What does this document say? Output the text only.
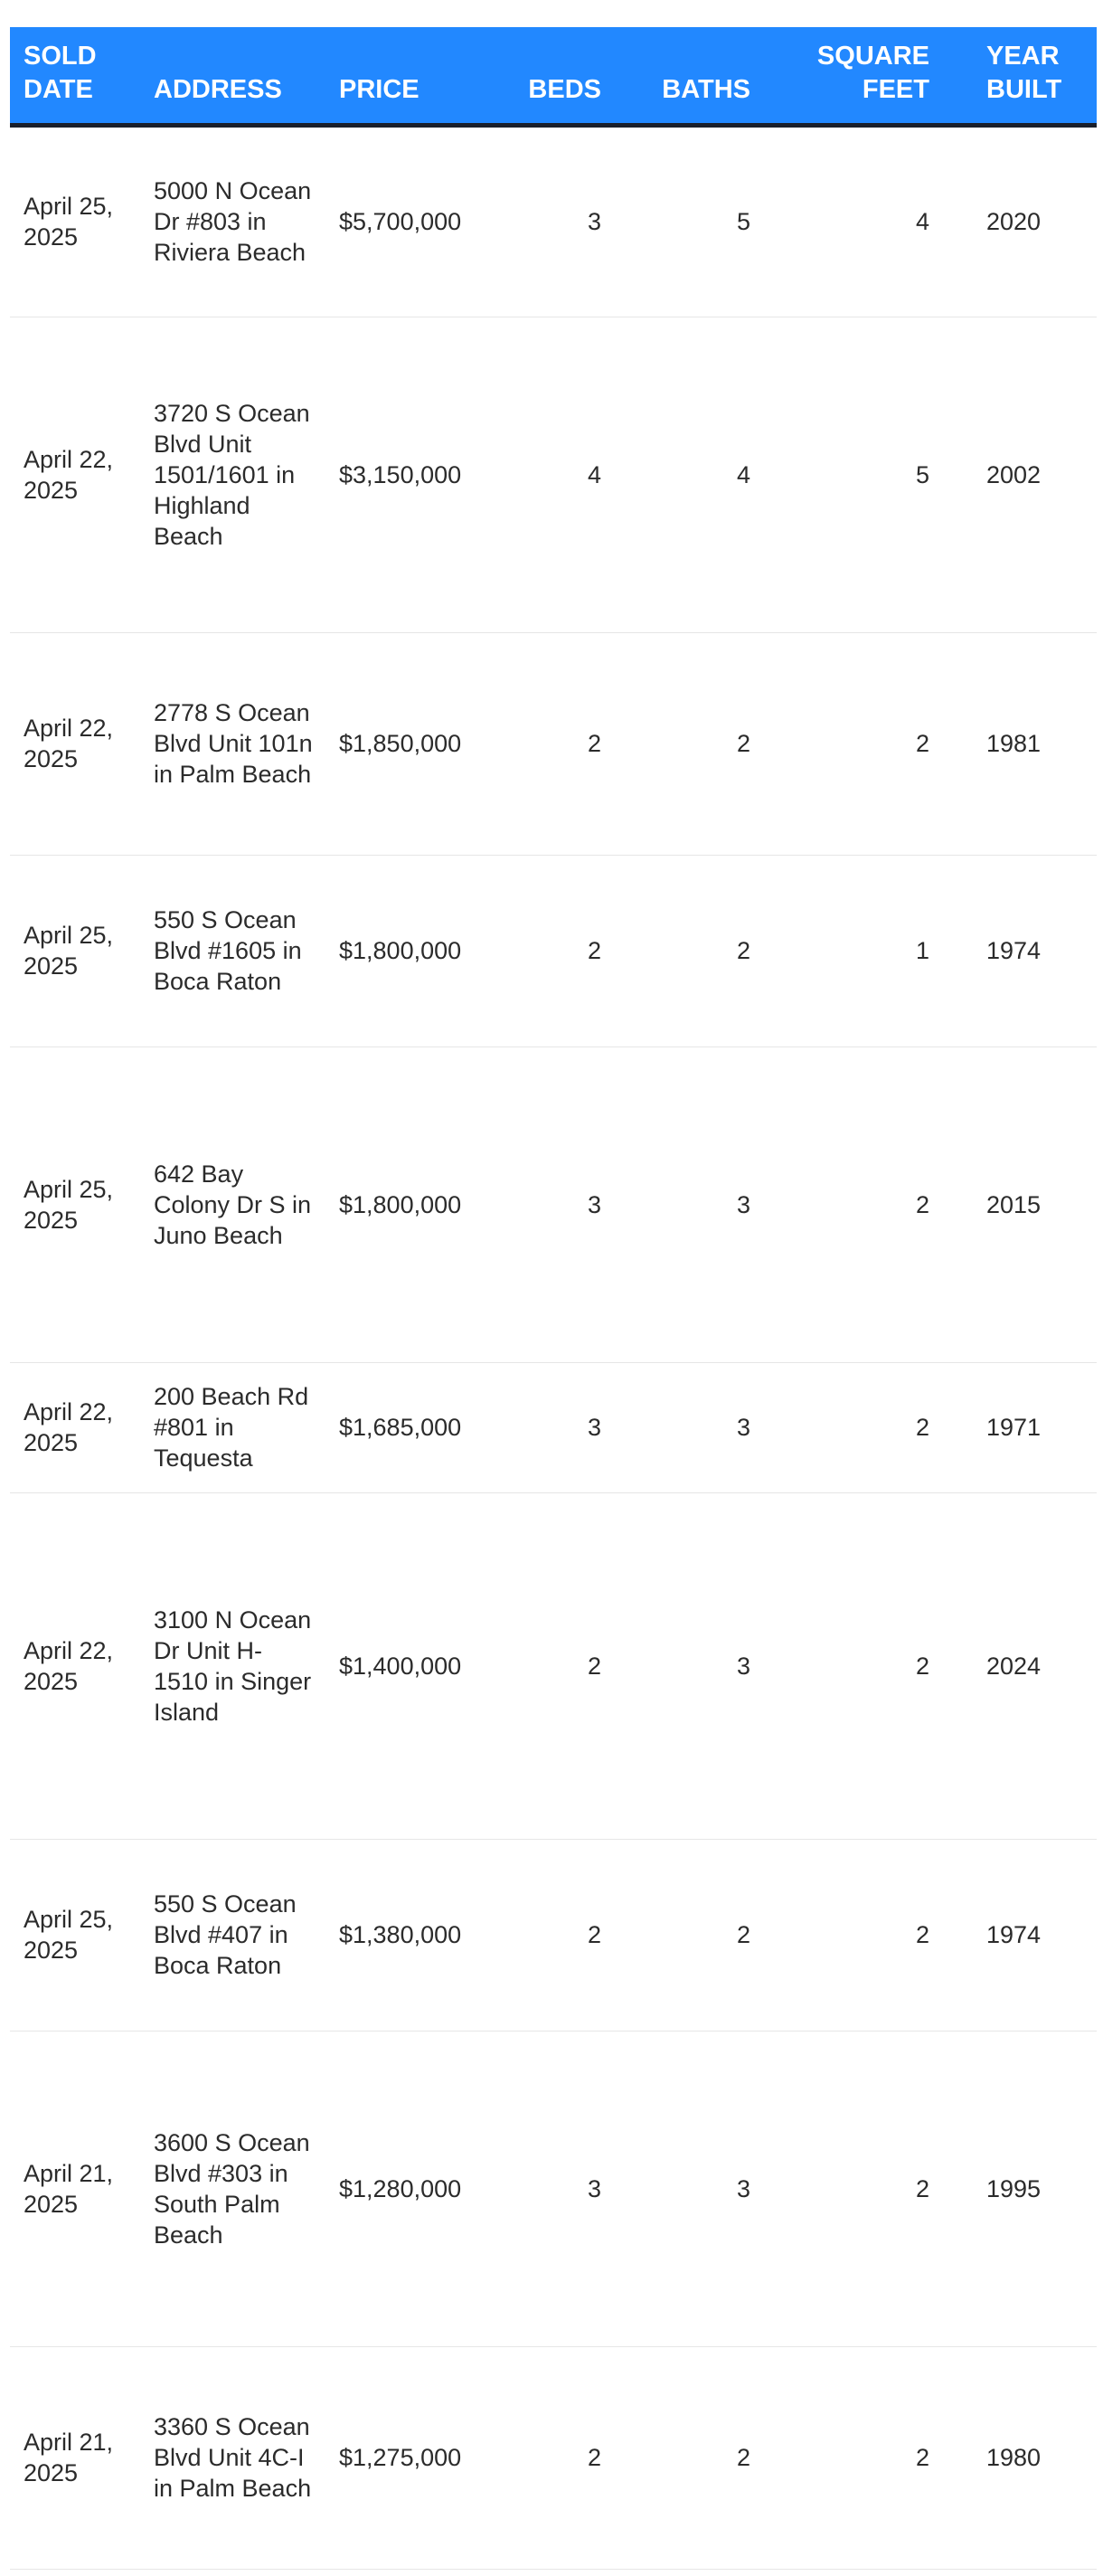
SOLD DATE	ADDRESS	PRICE	BEDS	BATHS	SQUARE FEET	YEAR BUILT
April 25, 2025	5000 N Ocean Dr #803 in Riviera Beach	$5,700,000	3	5	4	2020
April 22, 2025	3720 S Ocean Blvd Unit 1501/1601 in Highland Beach	$3,150,000	4	4	5	2002
April 22, 2025	2778 S Ocean Blvd Unit 101n in Palm Beach	$1,850,000	2	2	2	1981
April 25, 2025	550 S Ocean Blvd #1605 in Boca Raton	$1,800,000	2	2	1	1974
April 25, 2025	642 Bay Colony Dr S in Juno Beach	$1,800,000	3	3	2	2015
April 22, 2025	200 Beach Rd #801 in Tequesta	$1,685,000	3	3	2	1971
April 22, 2025	3100 N Ocean Dr Unit H-1510 in Singer Island	$1,400,000	2	3	2	2024
April 25, 2025	550 S Ocean Blvd #407 in Boca Raton	$1,380,000	2	2	2	1974
April 21, 2025	3600 S Ocean Blvd #303 in South Palm Beach	$1,280,000	3	3	2	1995
April 21, 2025	3360 S Ocean Blvd Unit 4C-I in Palm Beach	$1,275,000	2	2	2	1980
